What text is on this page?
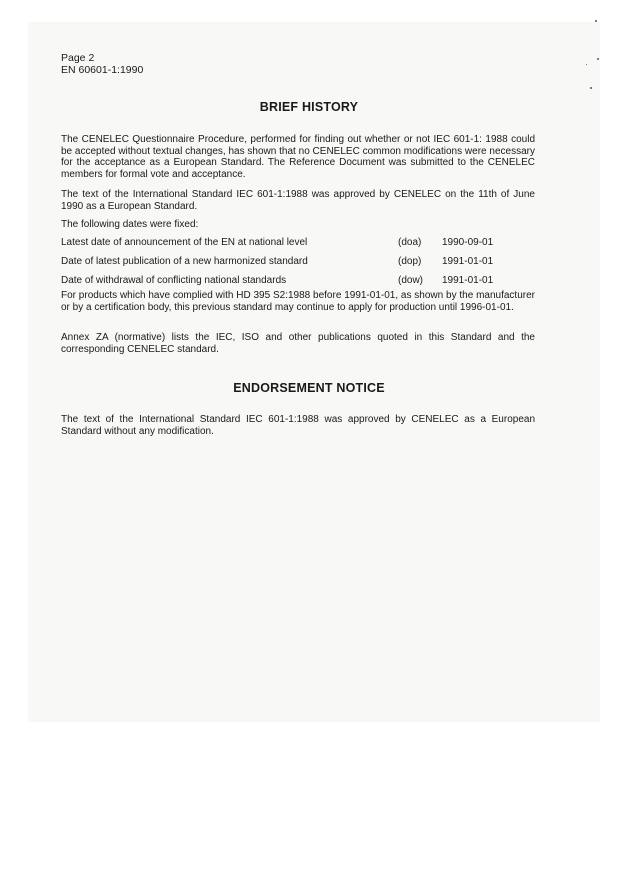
Page 2
EN 60601-1:1990
BRIEF HISTORY
The CENELEC Questionnaire Procedure, performed for finding out whether or not IEC 601-1: 1988 could be accepted without textual changes, has shown that no CENELEC common modifications were necessary for the acceptance as a European Standard. The Reference Document was submitted to the CENELEC members for formal vote and acceptance.
The text of the International Standard IEC 601-1:1988 was approved by CENELEC on the 11th of June 1990 as a European Standard.
The following dates were fixed:
Latest date of announcement of the EN at national level	(doa)	1990-09-01
Date of latest publication of a new harmonized standard	(dop)	1991-01-01
Date of withdrawal of conflicting national standards	(dow)	1991-01-01
For products which have complied with HD 395 S2:1988 before 1991-01-01, as shown by the manufacturer or by a certification body, this previous standard may continue to apply for production until 1996-01-01.
Annex ZA (normative) lists the IEC, ISO and other publications quoted in this Standard and the corresponding CENELEC standard.
ENDORSEMENT NOTICE
The text of the International Standard IEC 601-1:1988 was approved by CENELEC as a European Standard without any modification.
